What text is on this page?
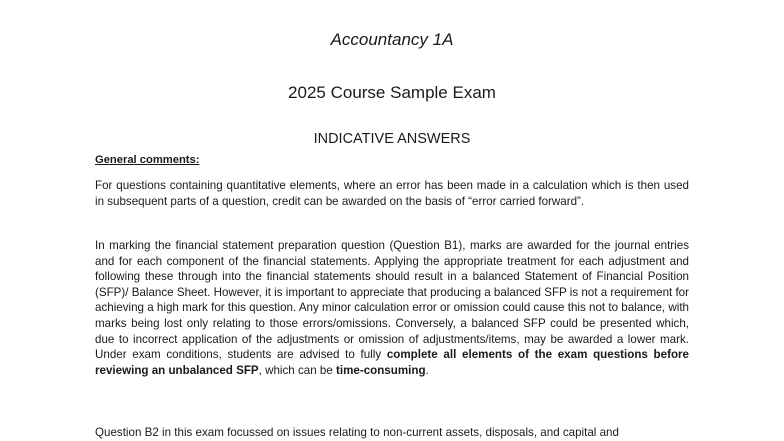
Accountancy 1A
2025 Course Sample Exam
INDICATIVE ANSWERS

General comments:

For questions containing quantitative elements, where an error has been made in a calculation which is then used in subsequent parts of a question, credit can be awarded on the basis of “error carried forward”.

In marking the financial statement preparation question (Question B1), marks are awarded for the journal entries and for each component of the financial statements. Applying the appropriate treatment for each adjustment and following these through into the financial statements should result in a balanced Statement of Financial Position (SFP)/ Balance Sheet. However, it is important to appreciate that producing a balanced SFP is not a requirement for achieving a high mark for this question. Any minor calculation error or omission could cause this not to balance, with marks being lost only relating to those errors/omissions. Conversely, a balanced SFP could be presented which, due to incorrect application of the adjustments or omission of adjustments/items, may be awarded a lower mark. Under exam conditions, students are advised to fully complete all elements of the exam questions before reviewing an unbalanced SFP, which can be time-consuming.

Question B2 in this exam focussed on issues relating to non-current assets, disposals, and capital and
